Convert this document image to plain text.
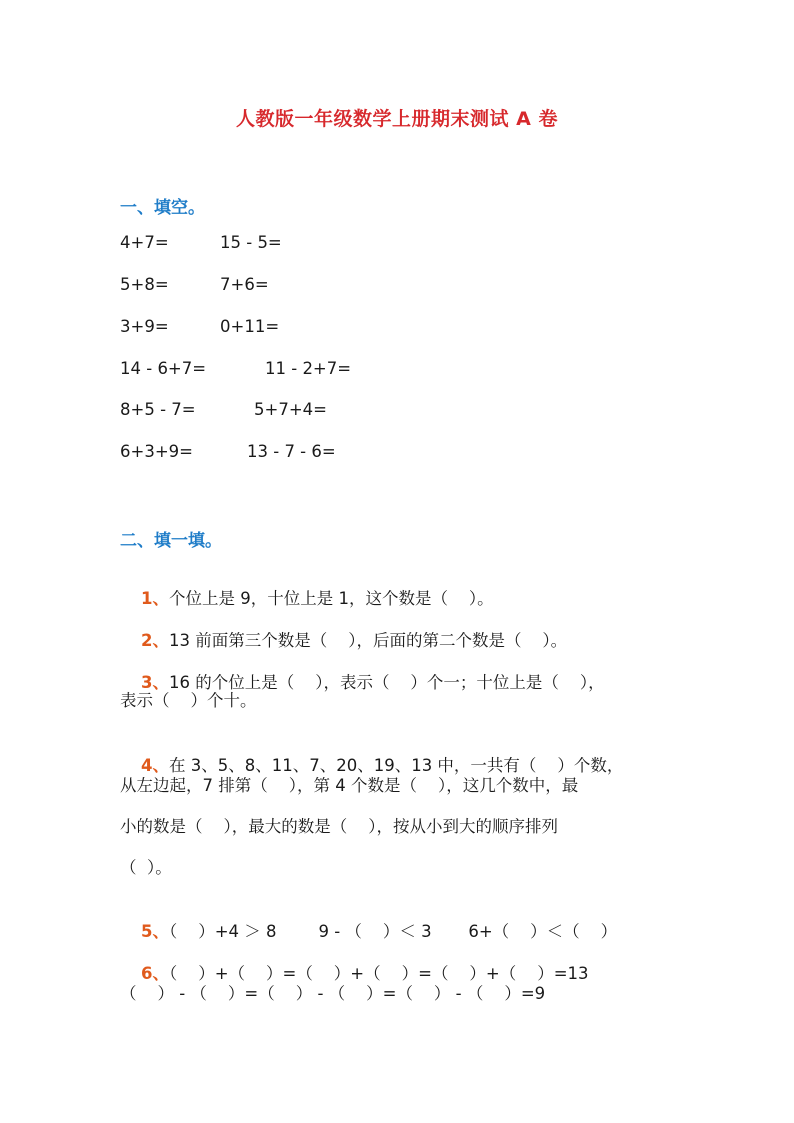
人教版一年级数学上册期末测试 A 卷
一、填空。
4+7=	15 - 5=
5+8=	7+6=
3+9=	0+11=
14 - 6+7=	11 - 2+7=
8+5 - 7=	5+7+4=
6+3+9=	13 - 7 - 6=
二、填一填。

1、个位上是 9，十位上是 1，这个数是（    ）。

2、13 前面第三个数是（    ），后面的第二个数是（    ）。

3、16 的个位上是（    ），表示（    ）个一；十位上是（    ），

表示（    ）个十。

4、在 3、5、8、11、7、20、19、13 中，一共有（    ）个数，

从左边起，7 排第（    ），第 4 个数是（    ），这几个数中，最
小的数是（    ），最大的数是（    ），按从小到大的顺序排列
（  ）。

5、（    ）+4 ＞ 8        9 - （    ）＜ 3       6+（    ）＜（    ）

6、（    ）+（    ）=（    ）+（    ）=（    ）+（    ）=13

（    ） - （    ）=（    ） - （    ）=（    ） - （    ）=9
